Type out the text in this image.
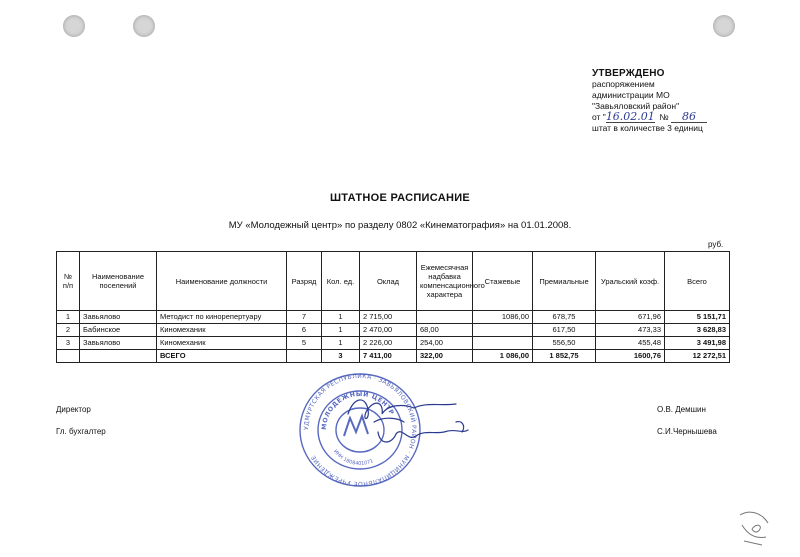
УТВЕРЖДЕНО
распоряжением
администрации МО
"Завьяловский район"
от "16.02.01 № 86
штат в количестве 3 единиц
ШТАТНОЕ РАСПИСАНИЕ
МУ «Молодежный центр» по разделу 0802 «Кинематография» на 01.01.2008.
руб.
№ п/п	Наименование поселений	Наименование должности	Разряд	Кол. ед.	Оклад	Ежемесячная надбавка компенсационного характера	Стажевые	Премиальные	Уральский коэф.	Всего
1	Завьялово	Методист по кинорепертуару	7	1	2 715,00		1086,00	678,75	671,96	5 151,71
2	Бабинское	Киномеханик	6	1	2 470,00	68,00		617,50	473,33	3 628,83
3	Завьялово	Киномеханик	5	1	2 226,00	254,00		556,50	455,48	3 491,98
		ВСЕГО		3	7 411,00	322,00	1 086,00	1 852,75	1600,76	12 272,51
Директор	О.В. Демшин
Гл. бухгалтер	С.И.Чернышева
УДМУРТСКАЯ РЕСПУБЛИКА · ЗАВЬЯЛОВСКИЙ РАЙОН · МУНИЦИПАЛЬНОЕ УЧРЕЖДЕНИЕ
МОЛОДЕЖНЫЙ ЦЕНТР
ИНН 1808401071
